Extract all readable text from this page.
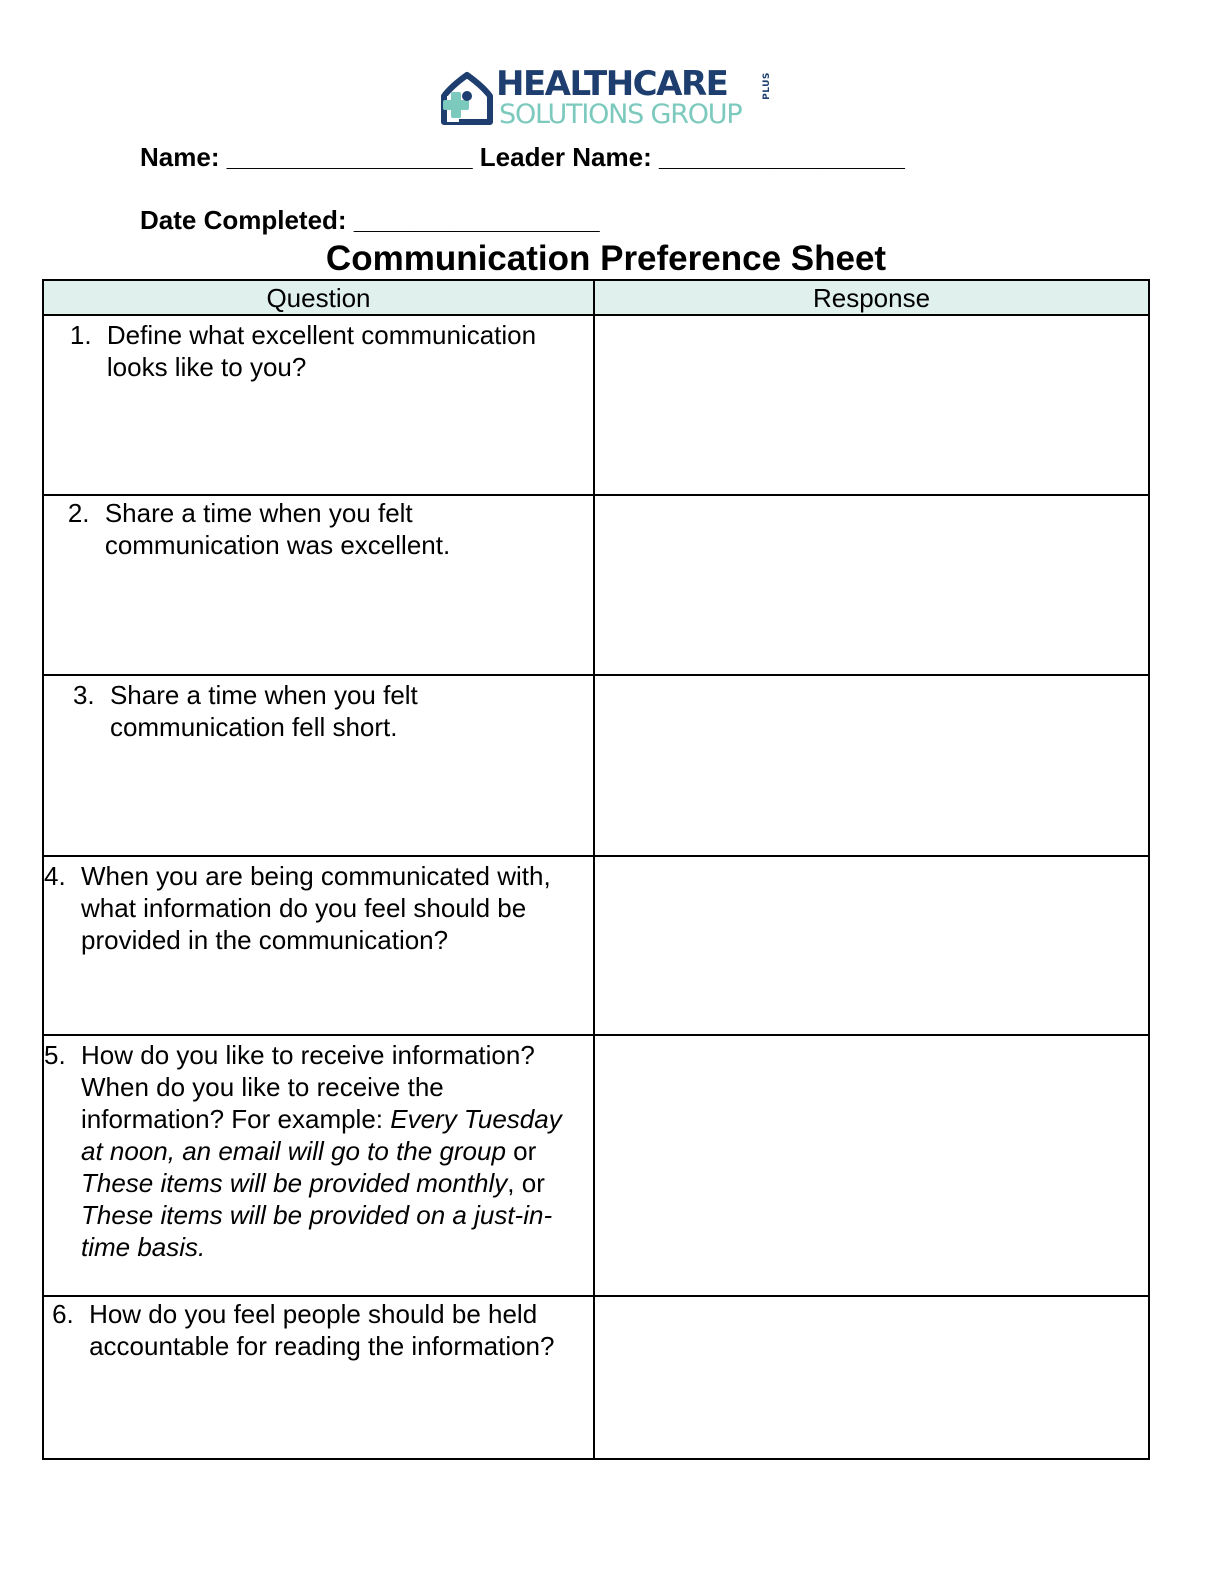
HEALTHCARE
SOLUTIONS GROUP
PLUS
Name: _________________ Leader Name: _________________
Date Completed: _________________
Communication Preference Sheet
Question	Response

1. Define what excellent communication looks like to you?	

2. Share a time when you felt communication was excellent.	

3. Share a time when you felt communication fell short.	

4. When you are being communicated with, what information do you feel should be provided in the communication?	

5. How do you like to receive information? When do you like to receive the information? For example: Every Tuesday at noon, an email will go to the group or These items will be provided monthly, or These items will be provided on a just-in-time basis.	

6. How do you feel people should be held accountable for reading the information?	
